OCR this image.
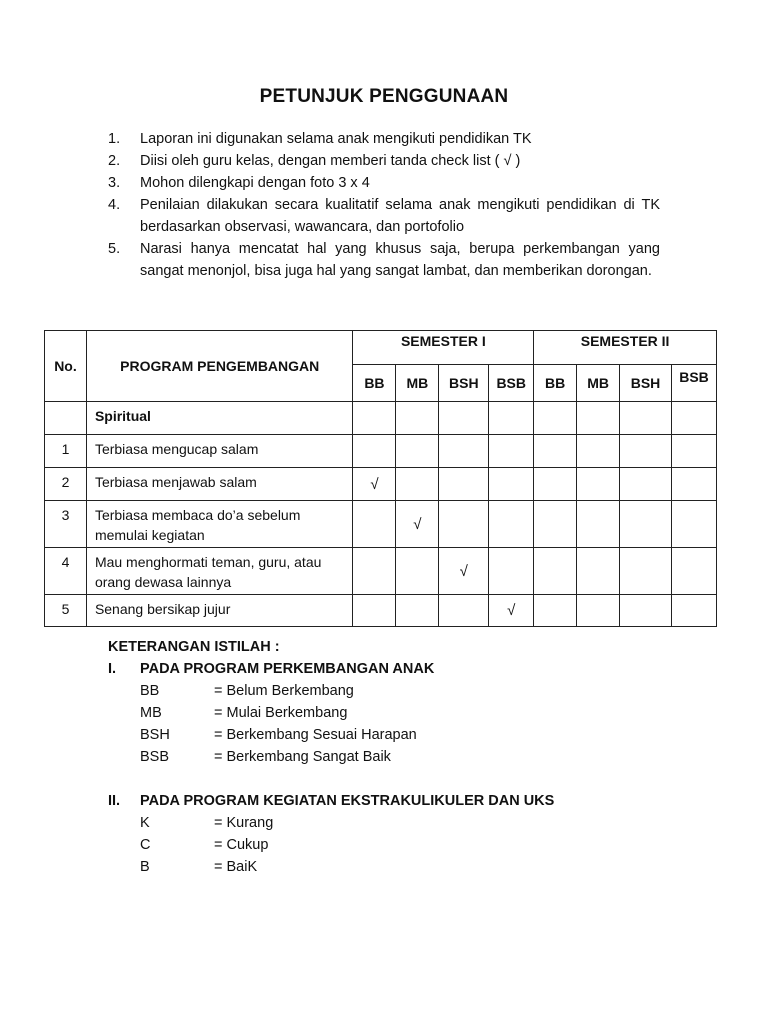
PETUNJUK PENGGUNAAN
1.	Laporan ini digunakan selama anak mengikuti pendidikan TK
2.	Diisi oleh guru kelas, dengan memberi tanda check list ( √ )
3.	Mohon dilengkapi dengan foto 3 x 4
4.	Penilaian dilakukan secara kualitatif selama anak mengikuti pendidikan di TK berdasarkan observasi, wawancara, dan portofolio
5.	Narasi hanya mencatat hal yang khusus saja, berupa perkembangan yang sangat menonjol, bisa juga hal yang sangat lambat, dan memberikan dorongan.
No.	PROGRAM PENGEMBANGAN	SEMESTER I				SEMESTER II			
		BB	MB	BSH	BSB	BB	MB	BSH	BSB
	Spiritual								
1	Terbiasa mengucap salam								
2	Terbiasa menjawab salam	√							
3	Terbiasa membaca do’a sebelum memulai kegiatan		√						
4	Mau menghormati teman, guru, atau orang dewasa lainnya			√					
5	Senang bersikap jujur				√				
KETERANGAN ISTILAH :
I.	PADA PROGRAM PERKEMBANGAN ANAK
BB	= Belum Berkembang
MB	= Mulai Berkembang
BSH	= Berkembang Sesuai Harapan
BSB	= Berkembang Sangat Baik
II.	PADA PROGRAM KEGIATAN EKSTRAKULIKULER DAN UKS
K	= Kurang
C	= Cukup
B	= BaiK
